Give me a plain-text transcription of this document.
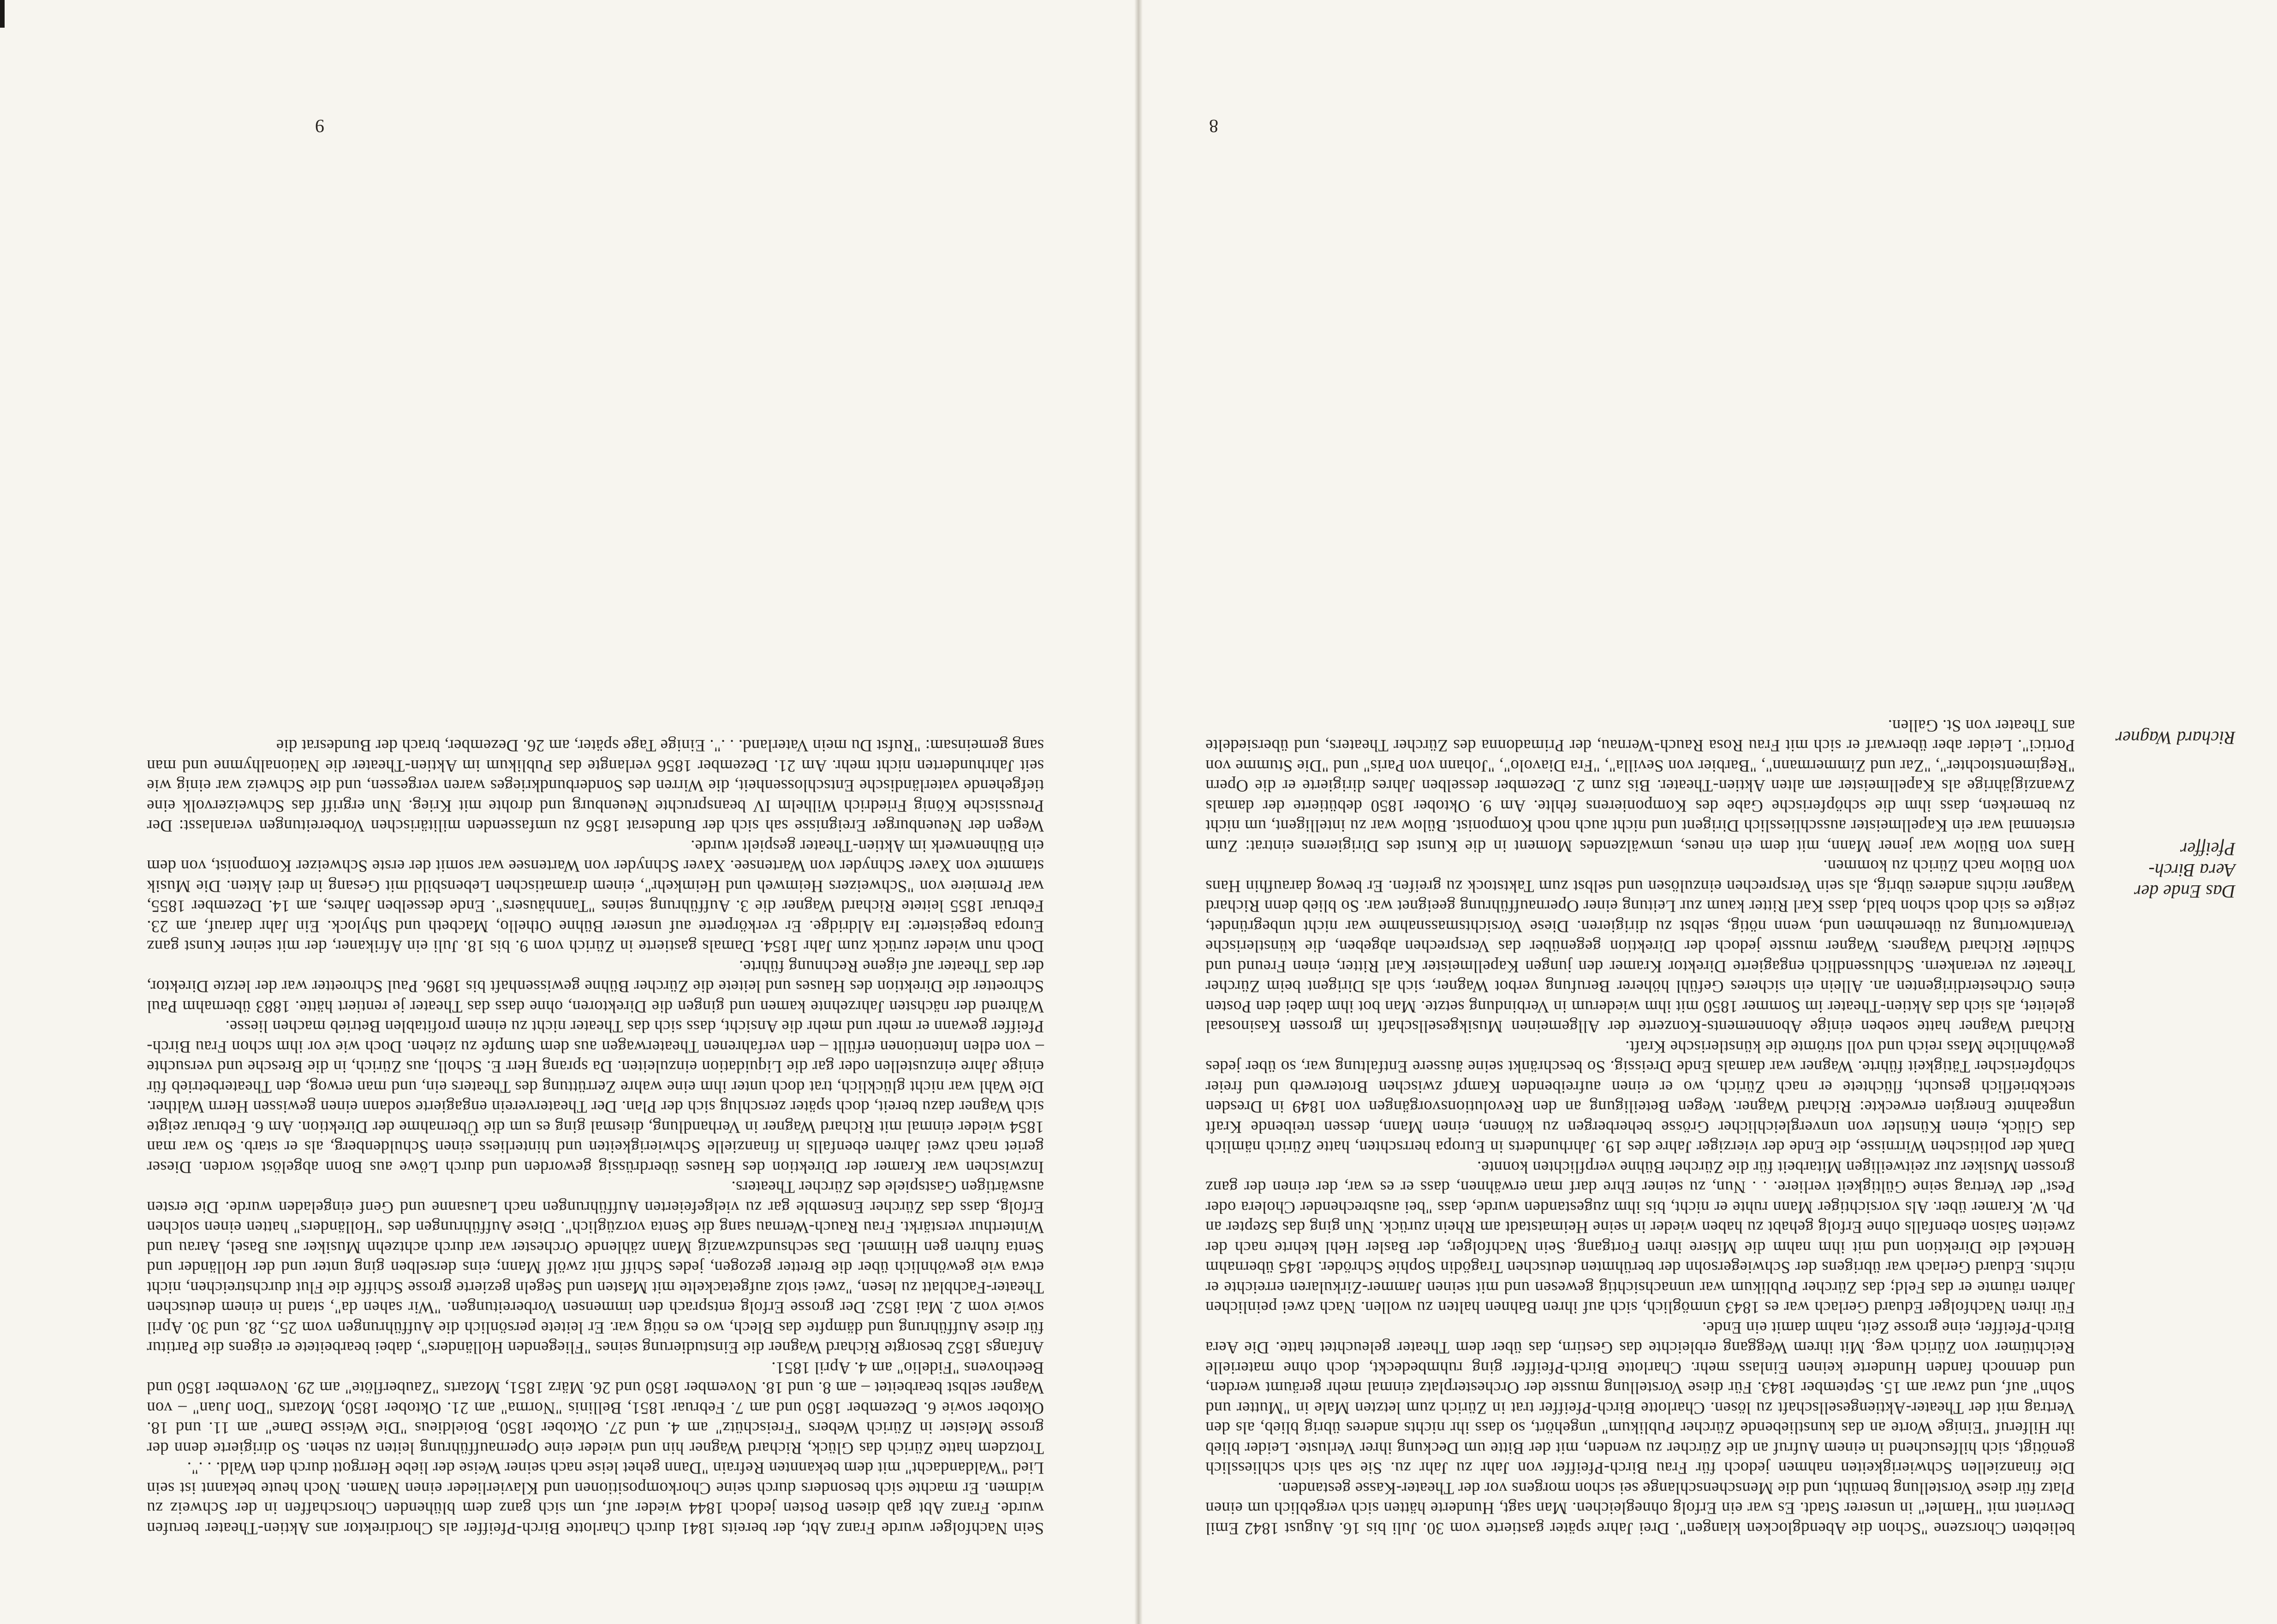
Das Ende der Aera Birch-Pfeiffer
Richard Wagner

beliebten Chorszene "Schon die Abendglocken klangen". Drei Jahre später gastierte vom 30. Juli bis 16. August 1842 Emil Devrient mit "Hamlet" in unserer Stadt. Es war ein Erfolg ohnegleichen. Man sagt, Hunderte hätten sich vergeblich um einen Platz für diese Vorstellung bemüht, und die Menschenschlange sei schon morgens vor der Theater-Kasse gestanden.

Die finanziellen Schwierigkeiten nahmen jedoch für Frau Birch-Pfeiffer von Jahr zu Jahr zu. Sie sah sich schliesslich genötigt, sich hilfesuchend in einem Aufruf an die Zürcher zu wenden, mit der Bitte um Deckung ihrer Verluste. Leider blieb ihr Hilferuf "Einige Worte an das kunstliebende Zürcher Publikum" ungehört, so dass ihr nichts anderes übrig blieb, als den Vertrag mit der Theater-Aktiengesellschaft zu lösen. Charlotte Birch-Pfeiffer trat in Zürich zum letzten Male in "Mutter und Sohn" auf, und zwar am 15. September 1843. Für diese Vorstellung musste der Orchesterplatz einmal mehr geräumt werden, und dennoch fanden Hunderte keinen Einlass mehr. Charlotte Birch-Pfeiffer ging ruhmbedeckt, doch ohne materielle Reichtümer von Zürich weg. Mit ihrem Weggang erbleichte das Gestirn, das über dem Theater geleuchtet hatte. Die Aera Birch-Pfeiffer, eine grosse Zeit, nahm damit ein Ende.

Für ihren Nachfolger Eduard Gerlach war es 1843 unmöglich, sich auf ihren Bahnen halten zu wollen. Nach zwei peinlichen Jahren räumte er das Feld; das Zürcher Publikum war unnachsichtig gewesen und mit seinen Jammer-Zirkularen erreichte er nichts. Eduard Gerlach war übrigens der Schwiegersohn der berühmten deutschen Tragödin Sophie Schröder. 1845 übernahm Henckel die Direktion und mit ihm nahm die Misere ihren Fortgang. Sein Nachfolger, der Basler Hehl kehrte nach der zweiten Saison ebenfalls ohne Erfolg gehabt zu haben wieder in seine Heimatstadt am Rhein zurück. Nun ging das Szepter an Ph. W. Kramer über. Als vorsichtiger Mann ruhte er nicht, bis ihm zugestanden wurde, dass "bei ausbrechender Cholera oder Pest" der Vertrag seine Gültigkeit verliere. . . Nun, zu seiner Ehre darf man erwähnen, dass er es war, der einen der ganz grossen Musiker zur zeitweiligen Mitarbeit für die Zürcher Bühne verpflichten konnte.

Dank der politischen Wirrnisse, die Ende der vierziger Jahre des 19. Jahrhunderts in Europa herrschten, hatte Zürich nämlich das Glück, einen Künstler von unvergleichlicher Grösse beherbergen zu können, einen Mann, dessen treibende Kraft ungeahnte Energien erweckte: Richard Wagner. Wegen Beteiligung an den Revolutionsvorgängen von 1849 in Dresden steckbrieflich gesucht, flüchtete er nach Zürich, wo er einen aufreibenden Kampf zwischen Broterwerb und freier schöpferischer Tätigkeit führte. Wagner war damals Ende Dreissig. So beschränkt seine äussere Entfaltung war, so über jedes gewöhnliche Mass reich und voll strömte die künstlerische Kraft.

Richard Wagner hatte soeben einige Abonnements-Konzerte der Allgemeinen Musikgesellschaft im grossen Kasinosaal geleitet, als sich das Aktien-Theater im Sommer 1850 mit ihm wiederum in Verbindung setzte. Man bot ihm dabei den Posten eines Orchesterdirigenten an. Allein ein sicheres Gefühl höherer Berufung verbot Wagner, sich als Dirigent beim Zürcher Theater zu verankern. Schlussendlich engagierte Direktor Kramer den jungen Kapellmeister Karl Ritter, einen Freund und Schüler Richard Wagners. Wagner musste jedoch der Direktion gegenüber das Versprechen abgeben, die künstlerische Verantwortung zu übernehmen und, wenn nötig, selbst zu dirigieren. Diese Vorsichtsmassnahme war nicht unbegründet, zeigte es sich doch schon bald, dass Karl Ritter kaum zur Leitung einer Opernaufführung geeignet war. So blieb denn Richard Wagner nichts anderes übrig, als sein Versprechen einzulösen und selbst zum Taktstock zu greifen. Er bewog daraufhin Hans von Bülow nach Zürich zu kommen.

Hans von Bülow war jener Mann, mit dem ein neues, umwälzendes Moment in die Kunst des Dirigierens eintrat: Zum erstenmal war ein Kapellmeister ausschliesslich Dirigent und nicht auch noch Komponist. Bülow war zu intelligent, um nicht zu bemerken, dass ihm die schöpferische Gabe des Komponierens fehlte. Am 9. Oktober 1850 debütierte der damals Zwanzigjährige als Kapellmeister am alten Aktien-Theater. Bis zum 2. Dezember desselben Jahres dirigierte er die Opern "Regimentstochter", "Zar und Zimmermann", "Barbier von Sevilla", "Fra Diavolo", "Johann von Paris" und "Die Stumme von Portici". Leider aber überwarf er sich mit Frau Rosa Rauch-Wernau, der Primadonna des Zürcher Theaters, und übersiedelte ans Theater von St. Gallen.

8

Sein Nachfolger wurde Franz Abt, der bereits 1841 durch Charlotte Birch-Pfeiffer als Chordirektor ans Aktien-Theater berufen wurde. Franz Abt gab diesen Posten jedoch 1844 wieder auf, um sich ganz dem blühenden Chorschaffen in der Schweiz zu widmen. Er machte sich besonders durch seine Chorkompositionen und Klavierlieder einen Namen. Noch heute bekannt ist sein Lied "Waldandacht" mit dem bekannten Refrain "Dann gehet leise nach seiner Weise der liebe Herrgott durch den Wald. . .".

Trotzdem hatte Zürich das Glück, Richard Wagner hin und wieder eine Opernaufführung leiten zu sehen. So dirigierte denn der grosse Meister in Zürich Webers "Freischütz" am 4. und 27. Oktober 1850, Boieldieus "Die Weisse Dame" am 11. und 18. Oktober sowie 6. Dezember 1850 und am 7. Februar 1851, Bellinis "Norma" am 21. Oktober 1850, Mozarts "Don Juan" – von Wagner selbst bearbeitet – am 8. und 18. November 1850 und 26. März 1851, Mozarts "Zauberflöte" am 29. November 1850 und Beethovens "Fidelio" am 4. April 1851.

Anfangs 1852 besorgte Richard Wagner die Einstudierung seines "Fliegenden Holländers", dabei bearbeitete er eigens die Partitur für diese Aufführung und dämpfte das Blech, wo es nötig war. Er leitete persönlich die Aufführungen vom 25., 28. und 30. April sowie vom 2. Mai 1852. Der grosse Erfolg entsprach den immensen Vorbereitungen. "Wir sahen da", stand in einem deutschen Theater-Fachblatt zu lesen, "zwei stolz aufgetackelte mit Masten und Segeln gezierte grosse Schiffe die Flut durchstreichen, nicht etwa wie gewöhnlich über die Bretter gezogen, jedes Schiff mit zwölf Mann; eins derselben ging unter und der Holländer und Senta fuhren gen Himmel. Das sechsundzwanzig Mann zählende Orchester war durch achtzehn Musiker aus Basel, Aarau und Winterthur verstärkt. Frau Rauch-Wernau sang die Senta vorzüglich". Diese Aufführungen des "Holländers" hatten einen solchen Erfolg, dass das Zürcher Ensemble gar zu vielgefeierten Aufführungen nach Lausanne und Genf eingeladen wurde. Die ersten auswärtigen Gastspiele des Zürcher Theaters.

Inzwischen war Kramer der Direktion des Hauses überdrüssig geworden und durch Löwe aus Bonn abgelöst worden. Dieser geriet nach zwei Jahren ebenfalls in finanzielle Schwierigkeiten und hinterliess einen Schuldenberg, als er starb. So war man 1854 wieder einmal mit Richard Wagner in Verhandlung, diesmal ging es um die Übernahme der Direktion. Am 6. Februar zeigte sich Wagner dazu bereit, doch später zerschlug sich der Plan. Der Theaterverein engagierte sodann einen gewissen Herrn Walther. Die Wahl war nicht glücklich, trat doch unter ihm eine wahre Zerrüttung des Theaters ein, und man erwog, den Theaterbetrieb für einige Jahre einzustellen oder gar die Liquidation einzuleiten. Da sprang Herr E. Scholl, aus Zürich, in die Bresche und versuchte – von edlen Intentionen erfüllt – den verfahrenen Theaterwagen aus dem Sumpfe zu ziehen. Doch wie vor ihm schon Frau Birch-Pfeiffer gewann er mehr und mehr die Ansicht, dass sich das Theater nicht zu einem profitablen Betrieb machen liesse.

Während der nächsten Jahrzehnte kamen und gingen die Direktoren, ohne dass das Theater je rentiert hätte. 1883 übernahm Paul Schroetter die Direktion des Hauses und leitete die Zürcher Bühne gewissenhaft bis 1896. Paul Schroetter war der letzte Direktor, der das Theater auf eigene Rechnung führte.

Doch nun wieder zurück zum Jahr 1854. Damals gastierte in Zürich vom 9. bis 18. Juli ein Afrikaner, der mit seiner Kunst ganz Europa begeisterte: Ira Aldridge. Er verkörperte auf unserer Bühne Othello, Macbeth und Shylock. Ein Jahr darauf, am 23. Februar 1855 leitete Richard Wagner die 3. Aufführung seines "Tannhäusers". Ende desselben Jahres, am 14. Dezember 1855, war Premiere von "Schweizers Heimweh und Heimkehr", einem dramatischen Lebensbild mit Gesang in drei Akten. Die Musik stammte von Xaver Schnyder von Wartensee. Xaver Schnyder von Wartensee war somit der erste Schweizer Komponist, von dem ein Bühnenwerk im Aktien-Theater gespielt wurde.

Wegen der Neuenburger Ereignisse sah sich der Bundesrat 1856 zu umfassenden militärischen Vorbereitungen veranlasst: Der Preussische König Friedrich Wilhelm IV beanspruchte Neuenburg und drohte mit Krieg. Nun ergriff das Schweizervolk eine tiefgehende vaterländische Entschlossenheit, die Wirren des Sonderbundkrieges waren vergessen, und die Schweiz war einig wie seit Jahrhunderten nicht mehr. Am 21. Dezember 1856 verlangte das Publikum im Aktien-Theater die Nationalhymne und man sang gemeinsam: "Rufst Du mein Vaterland. . .". Einige Tage später, am 26. Dezember, brach der Bundesrat die

9
